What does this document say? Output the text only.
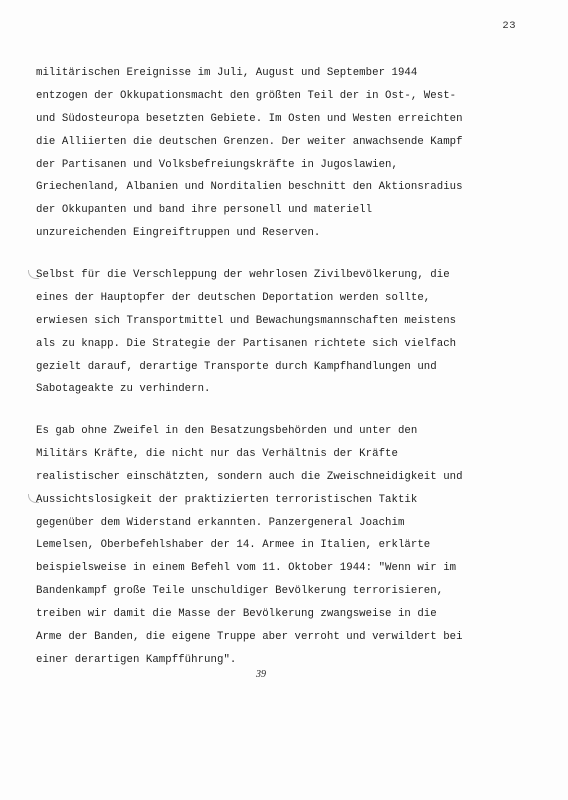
23
militärischen Ereignisse im Juli, August und September 1944
entzogen der Okkupationsmacht den größten Teil der in Ost-, West-
und Südosteuropa besetzten Gebiete. Im Osten und Westen erreichten
die Alliierten die deutschen Grenzen. Der weiter anwachsende Kampf
der Partisanen und Volksbefreiungskräfte in Jugoslawien,
Griechenland, Albanien und Norditalien beschnitt den Aktionsradius
der Okkupanten und band ihre personell und materiell
unzureichenden Eingreiftruppen und Reserven.
Selbst für die Verschleppung der wehrlosen Zivilbevölkerung, die
eines der Hauptopfer der deutschen Deportation werden sollte,
erwiesen sich Transportmittel und Bewachungsmannschaften meistens
als zu knapp. Die Strategie der Partisanen richtete sich vielfach
gezielt darauf, derartige Transporte durch Kampfhandlungen und
Sabotageakte zu verhindern.
Es gab ohne Zweifel in den Besatzungsbehörden und unter den
Militärs Kräfte, die nicht nur das Verhältnis der Kräfte
realistischer einschätzten, sondern auch die Zweischneidigkeit und
Aussichtslosigkeit der praktizierten terroristischen Taktik
gegenüber dem Widerstand erkannten. Panzergeneral Joachim
Lemelsen, Oberbefehlshaber der 14. Armee in Italien, erklärte
beispielsweise in einem Befehl vom 11. Oktober 1944: "Wenn wir im
Bandenkampf große Teile unschuldiger Bevölkerung terrorisieren,
treiben wir damit die Masse der Bevölkerung zwangsweise in die
Arme der Banden, die eigene Truppe aber verroht und verwildert bei
einer derartigen Kampfführung".
39
